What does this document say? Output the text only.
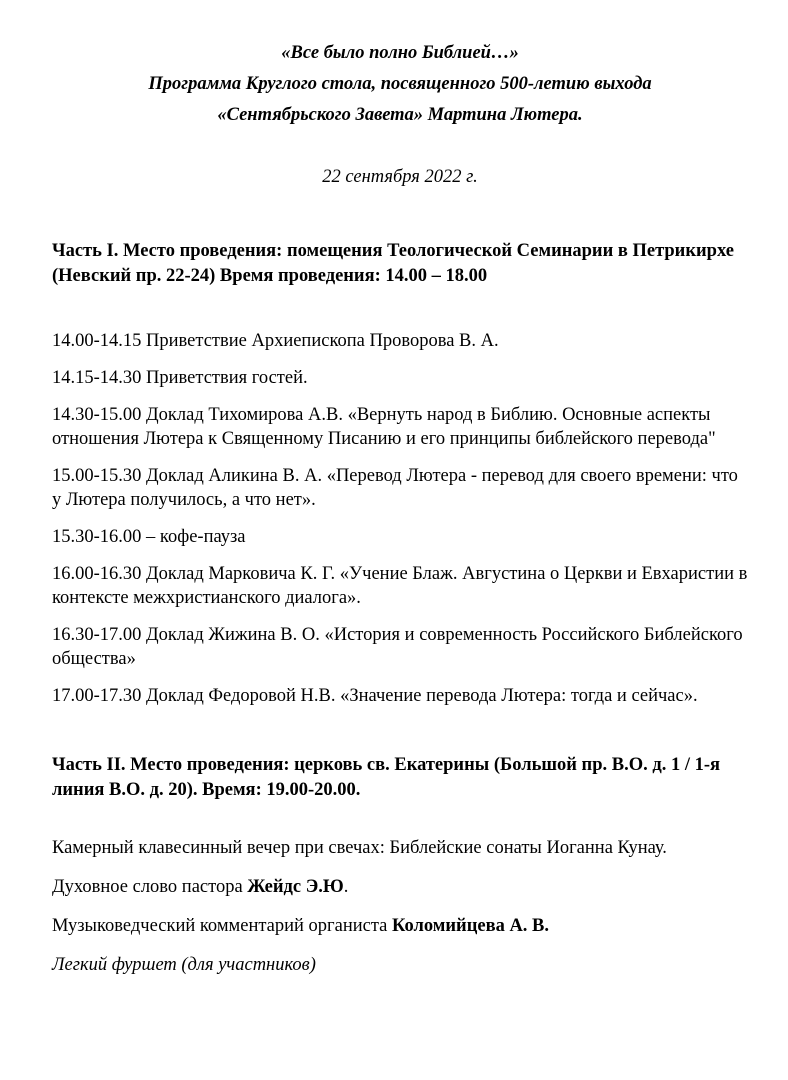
«Все было полно Библией…»
Программа Круглого стола, посвященного 500-летию выхода
«Сентябрьского Завета» Мартина Лютера.
22 сентября 2022 г.
Часть I. Место проведения: помещения Теологической Семинарии в Петрикирхе (Невский пр. 22-24) Время проведения: 14.00 – 18.00

14.00-14.15 Приветствие Архиепископа Проворова В. А.

14.15-14.30 Приветствия гостей.

14.30-15.00 Доклад Тихомирова А.В. «Вернуть народ в Библию. Основные аспекты отношения Лютера к Священному Писанию и его принципы библейского перевода"

15.00-15.30 Доклад Аликина В. А. «Перевод Лютера - перевод для своего времени: что у Лютера получилось, а что нет».

15.30-16.00 – кофе-пауза

16.00-16.30 Доклад Марковича К. Г. «Учение Блаж. Августина о Церкви и Евхаристии в контексте межхристианского диалога».

16.30-17.00 Доклад Жижина В. О. «История и современность Российского Библейского общества»

17.00-17.30 Доклад Федоровой Н.В. «Значение перевода Лютера: тогда и сейчас».

Часть II. Место проведения: церковь св. Екатерины (Большой пр. В.О. д. 1 / 1-я линия В.О. д. 20). Время: 19.00-20.00.

Камерный клавесинный вечер при свечах: Библейские сонаты Иоганна Кунау.

Духовное слово пастора Жейдс Э.Ю.

Музыковедческий комментарий органиста Коломийцева А. В.

Легкий фуршет (для участников)
